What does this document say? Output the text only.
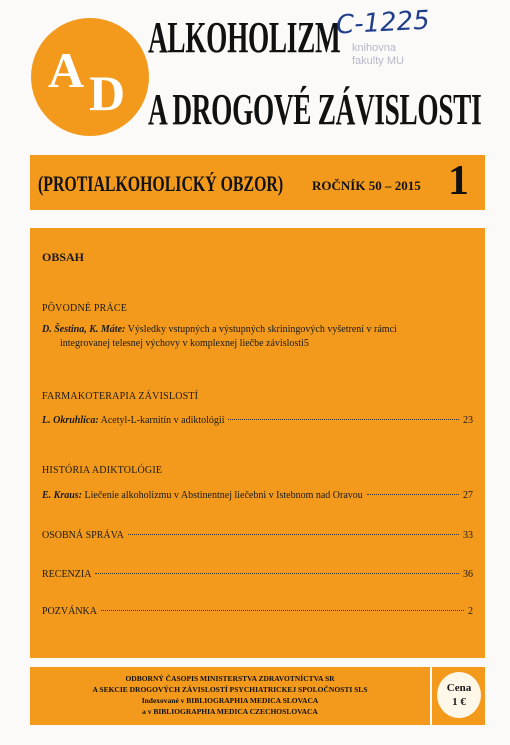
A D
ALKOHOLIZM
A DROGOVÉ ZÁVISLOSTI
C-1225
knihovna
fakulty MU
(PROTIALKOHOLICKÝ OBZOR) ROČNÍK 50 – 2015 1
OBSAH
PÔVODNÉ PRÁCE
D. Šestina, K. Máte: Výsledky vstupných a výstupných skriningových vyšetrení v rámci
integrovanej telesnej výchovy v komplexnej liečbe závislosti 5
FARMAKOTERAPIA ZÁVISLOSTÍ
L. Okruhlica: Acetyl-L-karnitín v adiktológii	23
HISTÓRIA ADIKTOLÓGIE
E. Kraus: Liečenie alkoholizmu v Abstinentnej liečebni v Istebnom nad Oravou	27
OSOBNÁ SPRÁVA	33
RECENZIA	36
POZVÁNKA	2
ODBORNÝ ČASOPIS MINISTERSTVA ZDRAVOTNÍCTVA SR
A SEKCIE DROGOVÝCH ZÁVISLOSTÍ PSYCHIATRICKEJ SPOLOČNOSTI SLS
Indexované v BIBLIOGRAPHIA MEDICA SLOVACA
a v BIBLIOGRAPHIA MEDICA CZECHOSLOVACA
Cena
1 €
